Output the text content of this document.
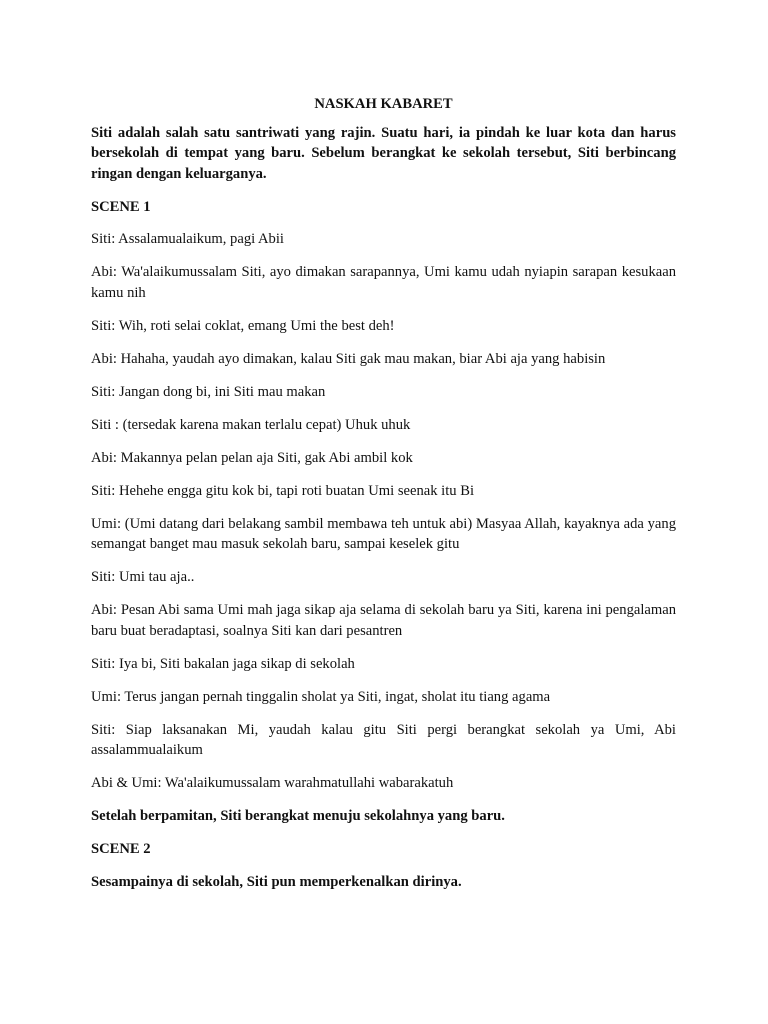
NASKAH KABARET
Siti adalah salah satu santriwati yang rajin. Suatu hari, ia pindah ke luar kota dan harus bersekolah di tempat yang baru. Sebelum berangkat ke sekolah tersebut, Siti berbincang ringan dengan keluarganya.
SCENE 1
Siti: Assalamualaikum, pagi Abii
Abi: Wa'alaikumussalam Siti, ayo dimakan sarapannya, Umi kamu udah nyiapin sarapan kesukaan kamu nih
Siti: Wih, roti selai coklat, emang Umi the best deh!
Abi: Hahaha, yaudah ayo dimakan, kalau Siti gak mau makan, biar Abi aja yang habisin
Siti: Jangan dong bi, ini Siti mau makan
Siti : (tersedak karena makan terlalu cepat) Uhuk uhuk
Abi: Makannya pelan pelan aja Siti, gak Abi ambil kok
Siti: Hehehe engga gitu kok bi, tapi roti buatan Umi seenak itu Bi
Umi: (Umi datang dari belakang sambil membawa teh untuk abi) Masyaa Allah, kayaknya ada yang semangat banget mau masuk sekolah baru, sampai keselek gitu
Siti: Umi tau aja..
Abi: Pesan Abi sama Umi mah jaga sikap aja selama di sekolah baru ya Siti, karena ini pengalaman baru buat beradaptasi, soalnya Siti kan dari pesantren
Siti: Iya bi, Siti bakalan jaga sikap di sekolah
Umi: Terus jangan pernah tinggalin sholat ya Siti, ingat, sholat itu tiang agama
Siti: Siap laksanakan Mi, yaudah kalau gitu Siti pergi berangkat sekolah ya Umi, Abi assalammualaikum
Abi & Umi: Wa'alaikumussalam warahmatullahi wabarakatuh
Setelah berpamitan, Siti berangkat menuju sekolahnya yang baru.
SCENE 2
Sesampainya di sekolah, Siti pun memperkenalkan dirinya.
